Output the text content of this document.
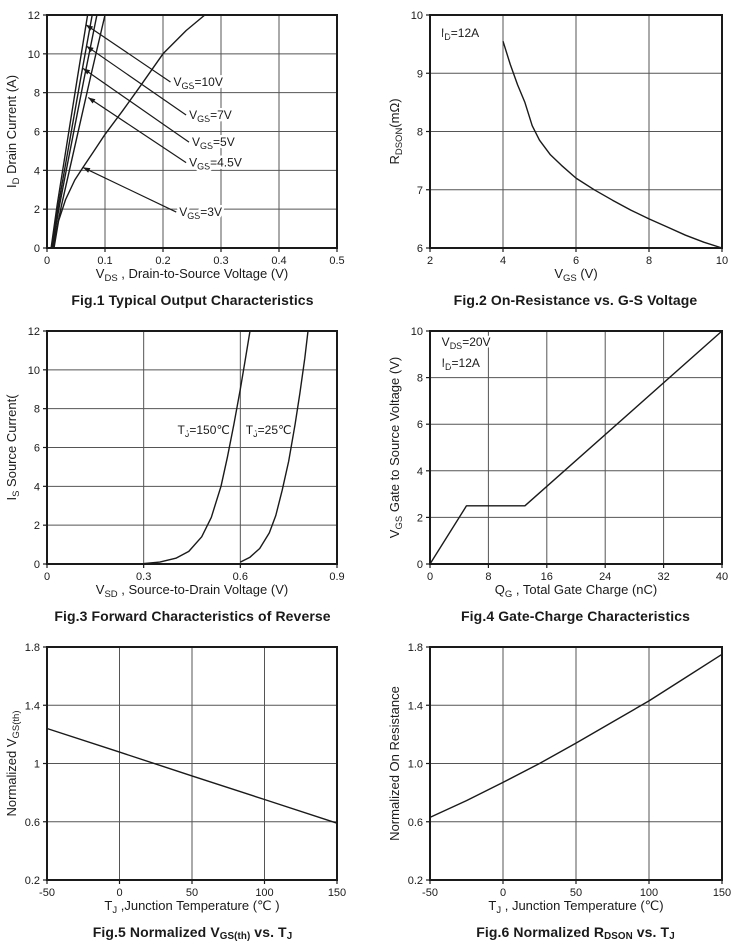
0	0.1	0.2	0.3	0.4	0.5
0
2
4
6
8
10
12
$V_{GS}=10V$
$V_{GS}=7V$
$V_{GS}=5V$
$V_{GS}=4.5V$
$V_{GS}=3V$
$V_{DS}$ , Drain-to-Source Voltage (V)
$I_D$ Drain Current (A)
Fig.1 Typical Output Characteristics
2	4	6	8	10
6
7
8
9
10
$I_D=12A$
$V_{GS}$ (V)
$R_{DSON}(m\Omega)$
Fig.2 On-Resistance vs. G-S Voltage
0	0.3	0.6	0.9
0
2
4
6
8
10
12
$T_J=150℃$ $T_J=25℃$
$V_{SD}$ , Source-to-Drain Voltage (V)
$I_S$ Source Current(
Fig.3 Forward Characteristics of Reverse
0	8	16	24	32	40
0
2
4
6
8
10
$V_{DS}=20V$
$I_D=12A$
$Q_G$ , Total Gate Charge (nC)
$V_{GS}$ Gate to Source Voltage (V)
Fig.4 Gate-Charge Characteristics
-50	0	50	100	150
0.2
0.6
1
1.4
1.8
$T_J$ ,Junction Temperature (℃ )
Normalized $V_{GS(th)}$
Fig.5 Normalized VGS(th) vs. TJ
-50	0	50	100	150
0.2
0.6
1.0
1.4
1.8
$T_J$ , Junction Temperature (℃)
Normalized On Resistance
Fig.6 Normalized RDSON vs. TJ
